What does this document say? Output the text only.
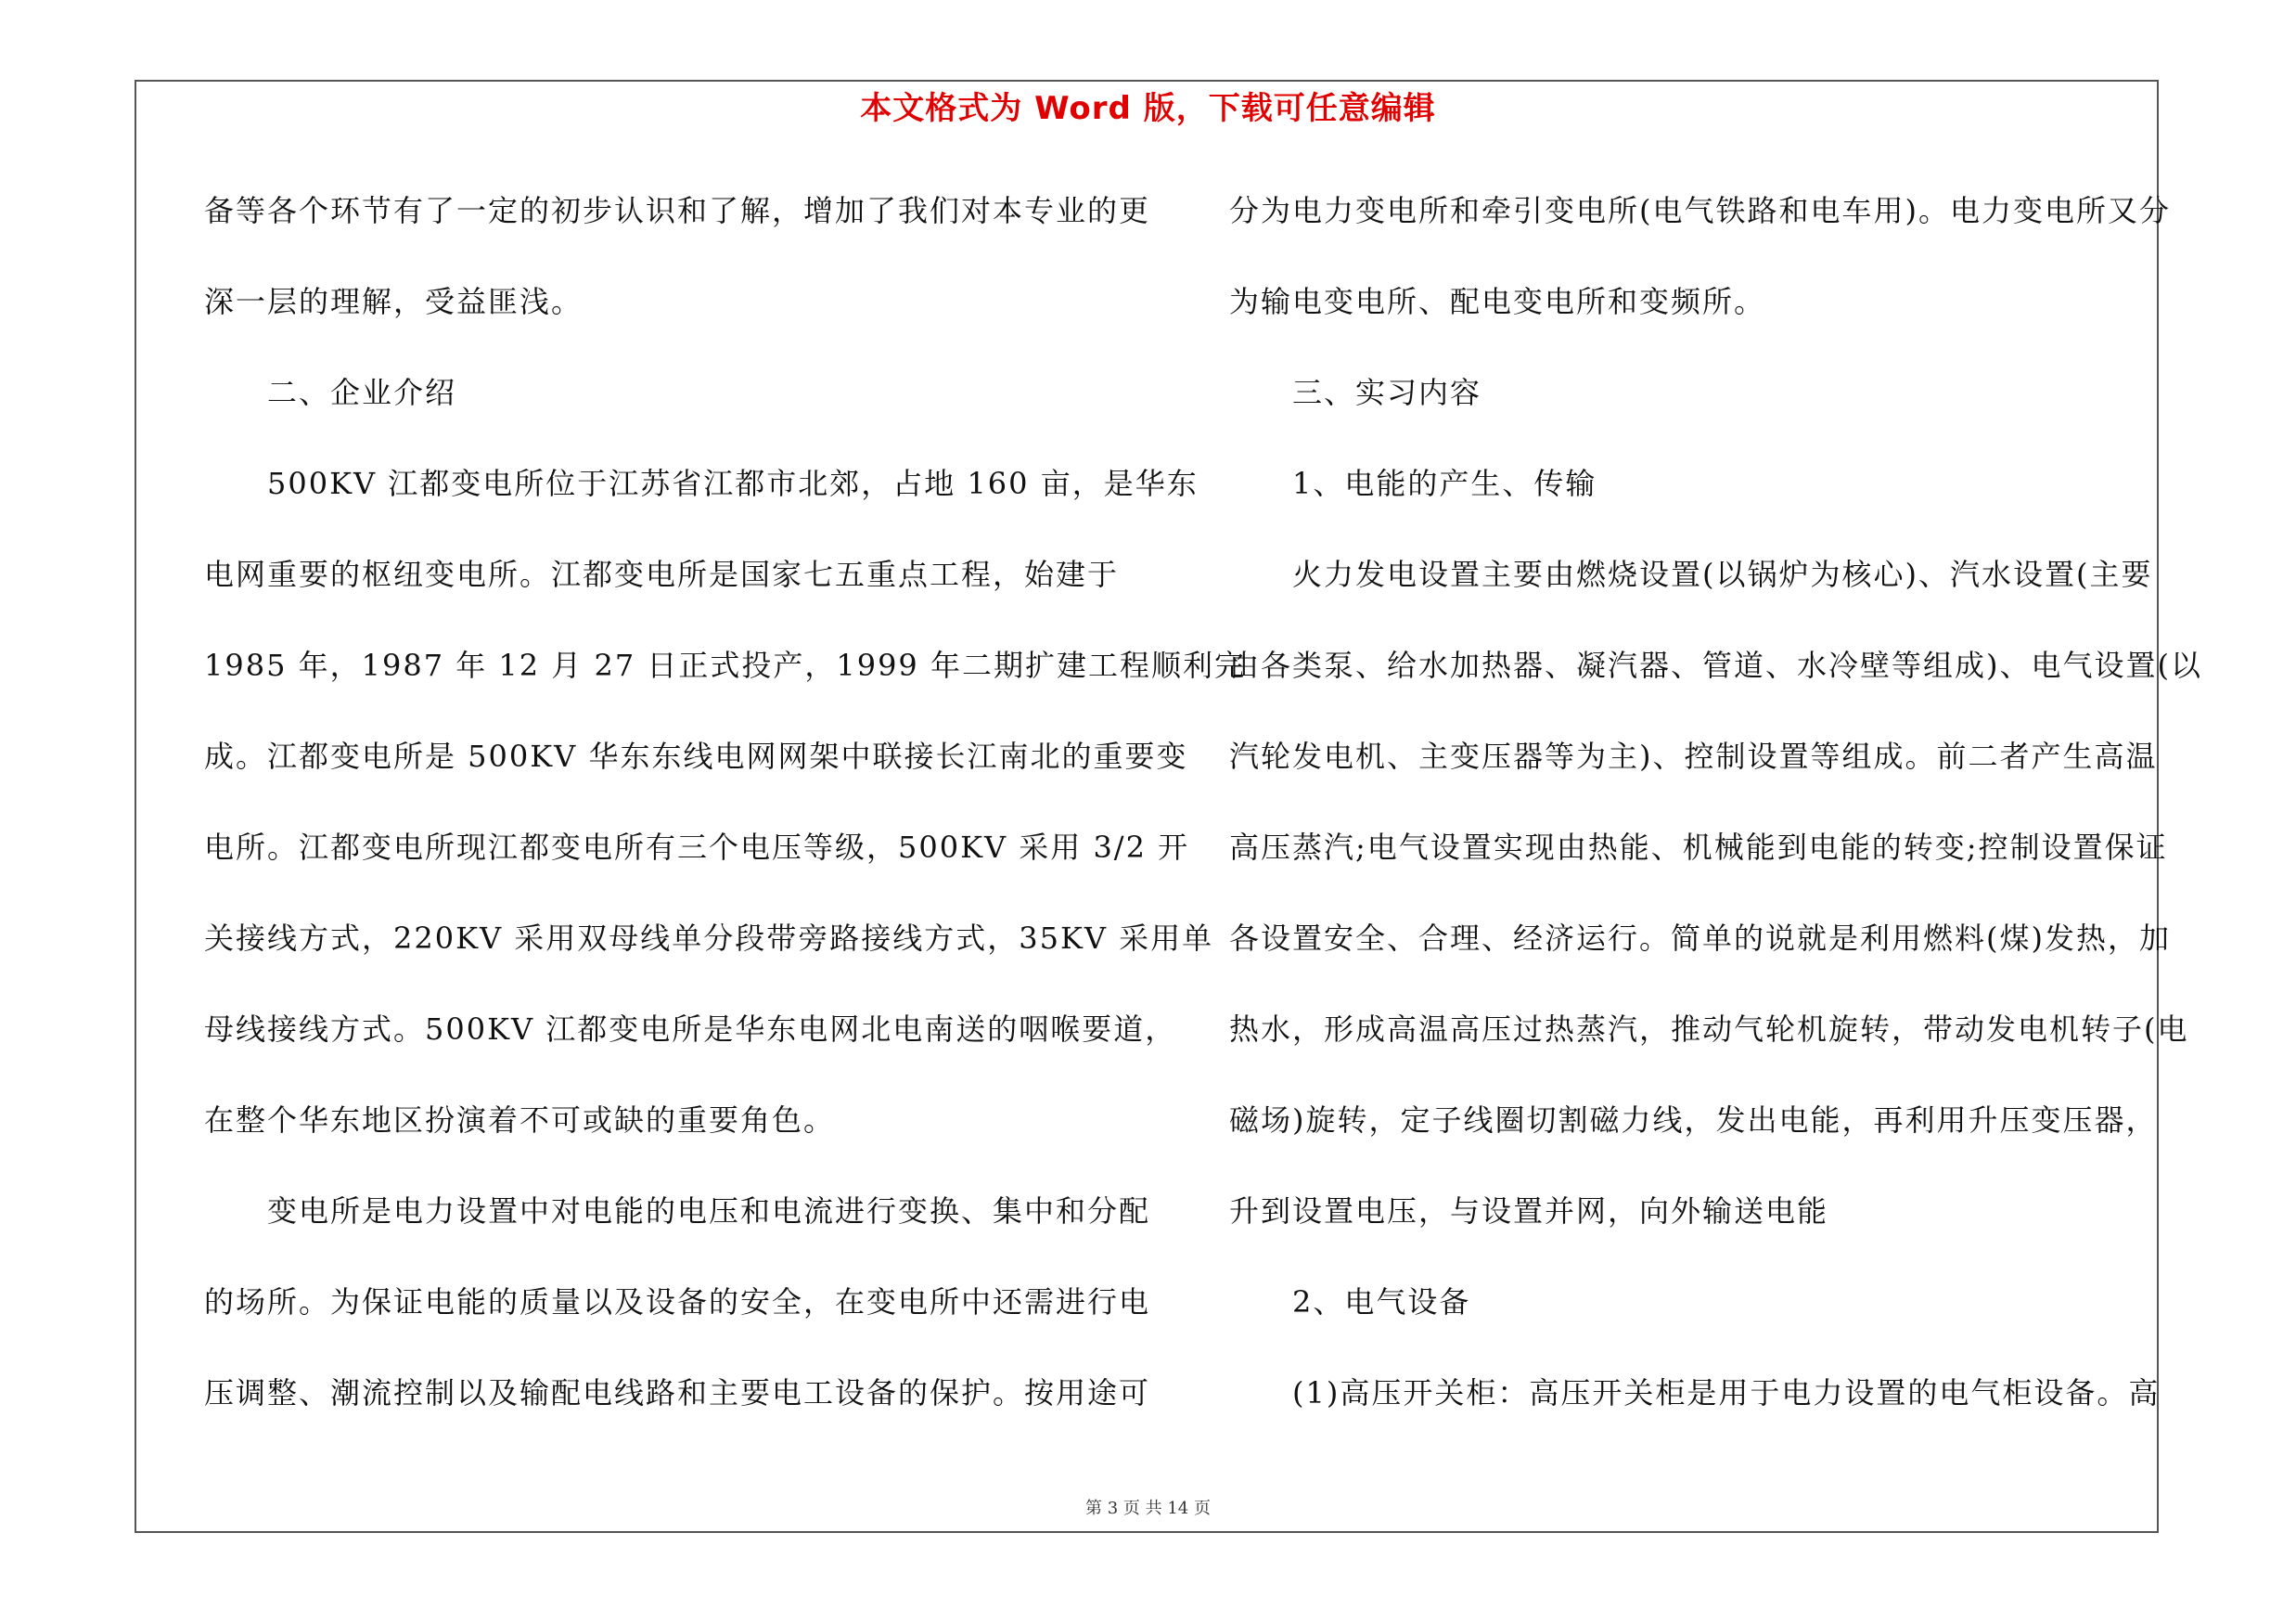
本文格式为 Word 版，下载可任意编辑
备等各个环节有了一定的初步认识和了解，增加了我们对本专业的更
深一层的理解，受益匪浅。
　　二、企业介绍
　　500KV 江都变电所位于江苏省江都市北郊，占地 160 亩，是华东
电网重要的枢纽变电所。江都变电所是国家七五重点工程，始建于
1985 年，1987 年 12 月 27 日正式投产，1999 年二期扩建工程顺利完
成。江都变电所是 500KV 华东东线电网网架中联接长江南北的重要变
电所。江都变电所现江都变电所有三个电压等级，500KV 采用 3/2 开
关接线方式，220KV 采用双母线单分段带旁路接线方式，35KV 采用单
母线接线方式。500KV 江都变电所是华东电网北电南送的咽喉要道，
在整个华东地区扮演着不可或缺的重要角色。
　　变电所是电力设置中对电能的电压和电流进行变换、集中和分配
的场所。为保证电能的质量以及设备的安全，在变电所中还需进行电
压调整、潮流控制以及输配电线路和主要电工设备的保护。按用途可
分为电力变电所和牵引变电所(电气铁路和电车用)。电力变电所又分
为输电变电所、配电变电所和变频所。
　　三、实习内容
　　1、电能的产生、传输
　　火力发电设置主要由燃烧设置(以锅炉为核心)、汽水设置(主要
由各类泵、给水加热器、凝汽器、管道、水冷壁等组成)、电气设置(以
汽轮发电机、主变压器等为主)、控制设置等组成。前二者产生高温
高压蒸汽;电气设置实现由热能、机械能到电能的转变;控制设置保证
各设置安全、合理、经济运行。简单的说就是利用燃料(煤)发热，加
热水，形成高温高压过热蒸汽，推动气轮机旋转，带动发电机转子(电
磁场)旋转，定子线圈切割磁力线，发出电能，再利用升压变压器，
升到设置电压，与设置并网，向外输送电能
　　2、电气设备
　　(1)高压开关柜：高压开关柜是用于电力设置的电气柜设备。高
第 3 页 共 14 页
